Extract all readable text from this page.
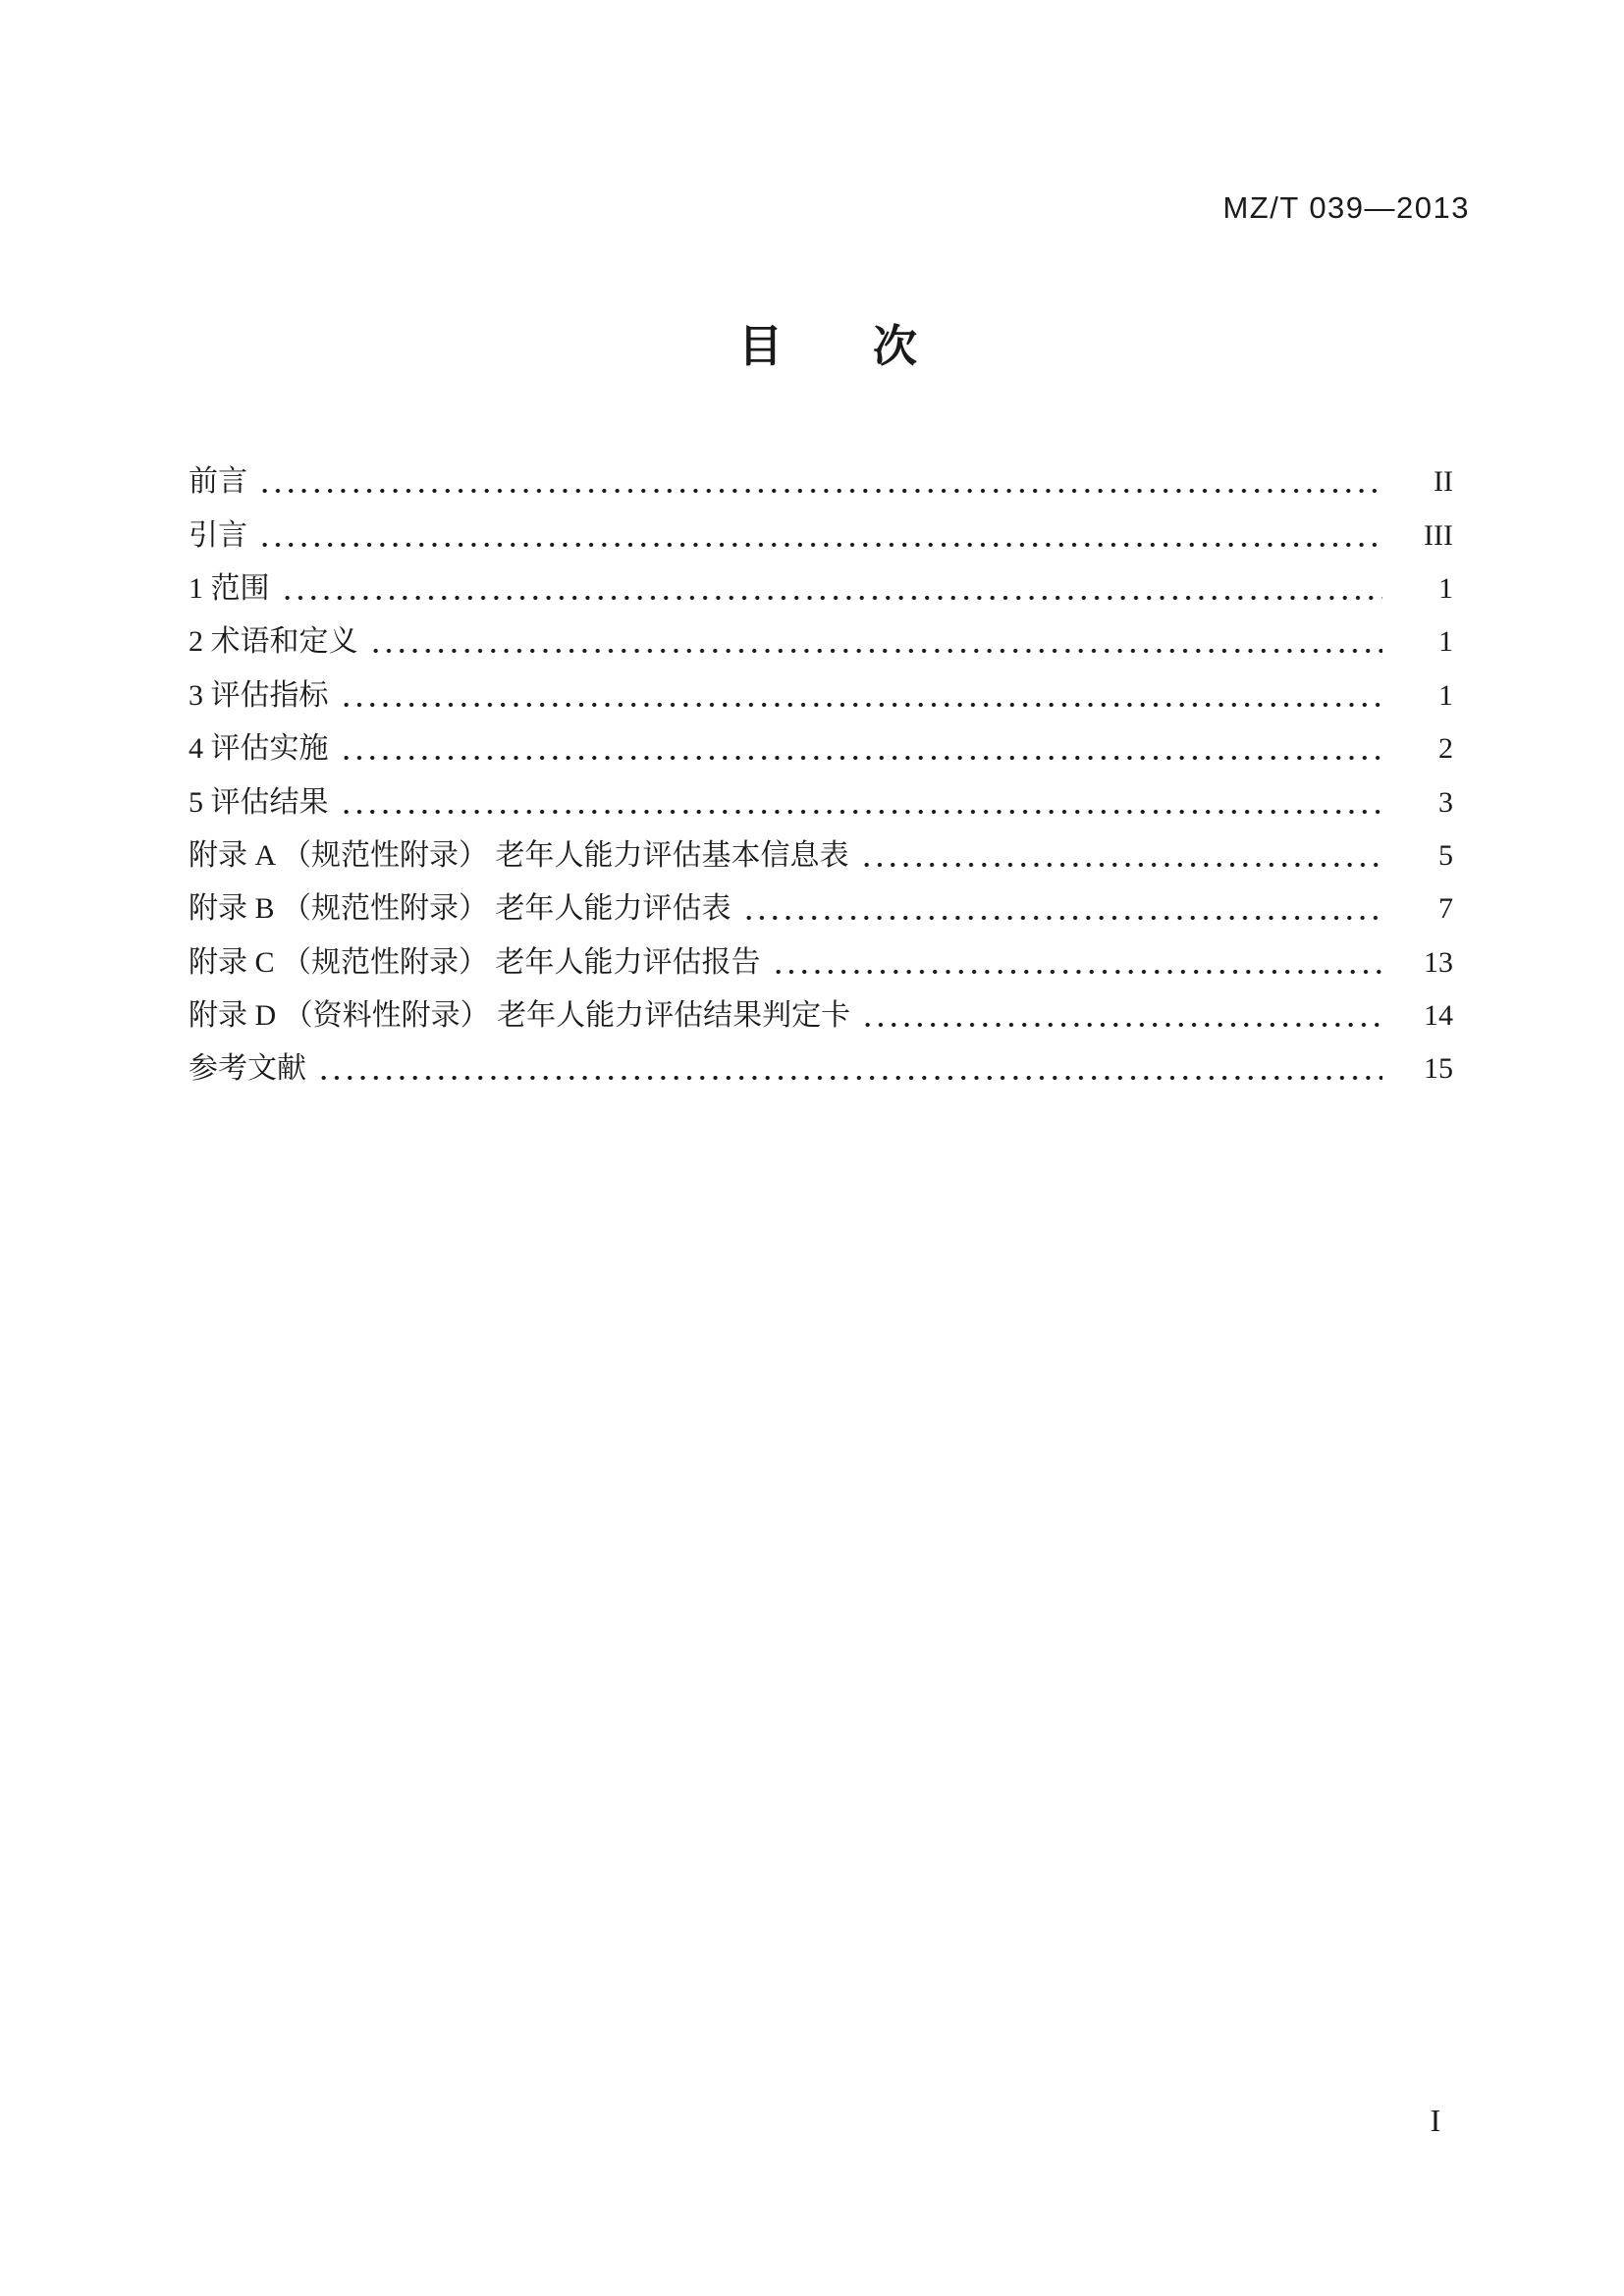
MZ/T 039—2013
目 次
前言	II
引言	III
1 范围	1
2 术语和定义	1
3 评估指标	1
4 评估实施	2
5 评估结果	3
附录 A （规范性附录） 老年人能力评估基本信息表	5
附录 B （规范性附录） 老年人能力评估表	7
附录 C （规范性附录） 老年人能力评估报告	13
附录 D （资料性附录） 老年人能力评估结果判定卡	14
参考文献	15
I
